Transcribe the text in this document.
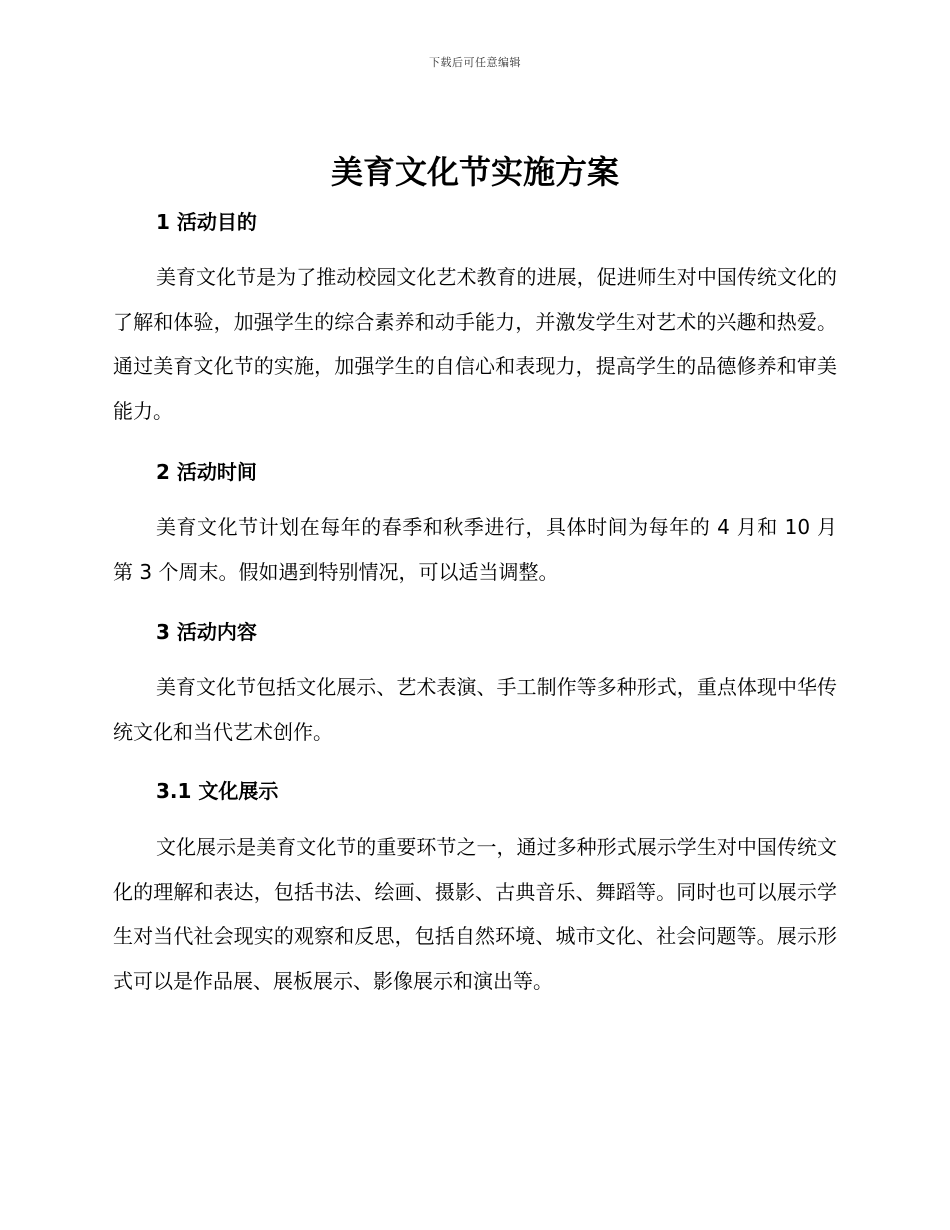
下载后可任意编辑
美育文化节实施方案
1 活动目的

美育文化节是为了推动校园文化艺术教育的进展，促进师生对中国传统文化的了解和体验，加强学生的综合素养和动手能力，并激发学生对艺术的兴趣和热爱。通过美育文化节的实施，加强学生的自信心和表现力，提高学生的品德修养和审美能力。

2 活动时间

美育文化节计划在每年的春季和秋季进行，具体时间为每年的 4 月和 10 月第 3 个周末。假如遇到特别情况，可以适当调整。

3 活动内容

美育文化节包括文化展示、艺术表演、手工制作等多种形式，重点体现中华传统文化和当代艺术创作。

3.1 文化展示

文化展示是美育文化节的重要环节之一，通过多种形式展示学生对中国传统文化的理解和表达，包括书法、绘画、摄影、古典音乐、舞蹈等。同时也可以展示学生对当代社会现实的观察和反思，包括自然环境、城市文化、社会问题等。展示形式可以是作品展、展板展示、影像展示和演出等。
